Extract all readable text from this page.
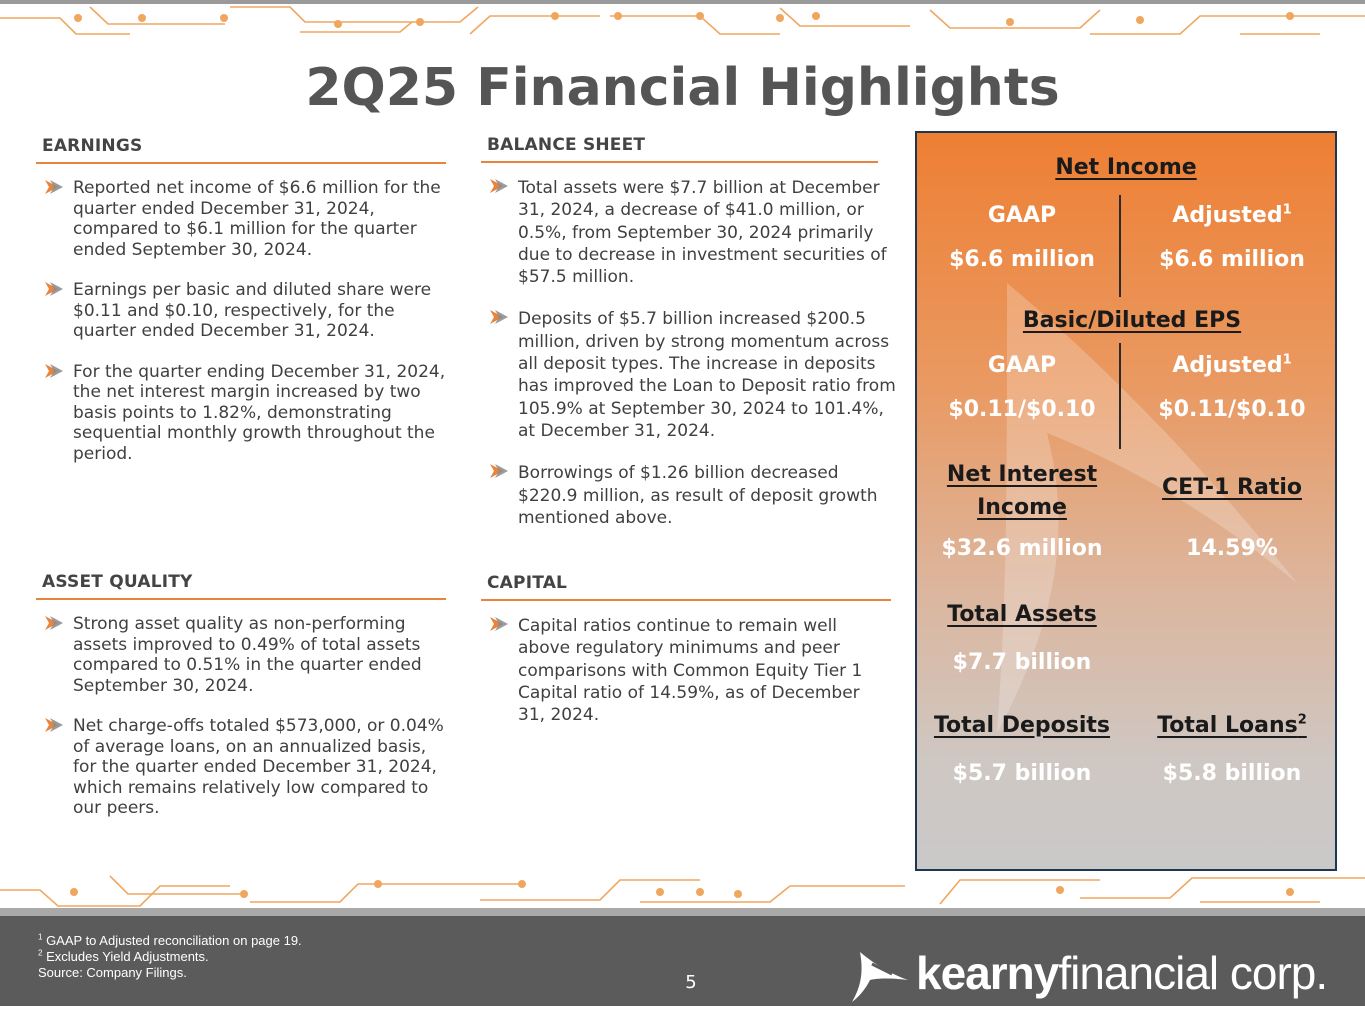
2Q25 Financial Highlights
EARNINGS
Reported net income of $6.6 million for the quarter ended December 31, 2024, compared to $6.1 million for the quarter ended September 30, 2024.
Earnings per basic and diluted share were $0.11 and $0.10, respectively, for the quarter ended December 31, 2024.
For the quarter ending December 31, 2024, the net interest margin increased by two basis points to 1.82%, demonstrating sequential monthly growth throughout the period.
BALANCE SHEET
Total assets were $7.7 billion at December 31, 2024, a decrease of $41.0 million, or 0.5%, from September 30, 2024 primarily due to decrease in investment securities of $57.5 million.
Deposits of $5.7 billion increased $200.5 million, driven by strong momentum across all deposit types. The increase in deposits has improved the Loan to Deposit ratio from 105.9% at September 30, 2024 to 101.4%, at December 31, 2024.
Borrowings of $1.26 billion decreased $220.9 million, as result of deposit growth mentioned above.
ASSET QUALITY
Strong asset quality as non-performing assets improved to 0.49% of total assets compared to 0.51% in the quarter ended September 30, 2024.
Net charge-offs totaled $573,000, or 0.04% of average loans, on an annualized basis, for the quarter ended December 31, 2024, which remains relatively low compared to our peers.
CAPITAL
Capital ratios continue to remain well above regulatory minimums and peer comparisons with Common Equity Tier 1 Capital ratio of 14.59%, as of December 31, 2024.
Net Income
GAAP	Adjusted$^1$
$6.6 million	$6.6 million
Basic/Diluted EPS
GAAP	Adjusted$^1$
$0.11/$0.10	$0.11/$0.10
Net Interest
Income
CET-1 Ratio
$32.6 million	14.59%
Total Assets
$7.7 billion
Total Deposits	Total Loans$^2$
$5.7 billion	$5.8 billion
$^1$ GAAP to Adjusted reconciliation on page 19.
$^2$ Excludes Yield Adjustments.
Source: Company Filings.	5	kearnyfinancial corp.
